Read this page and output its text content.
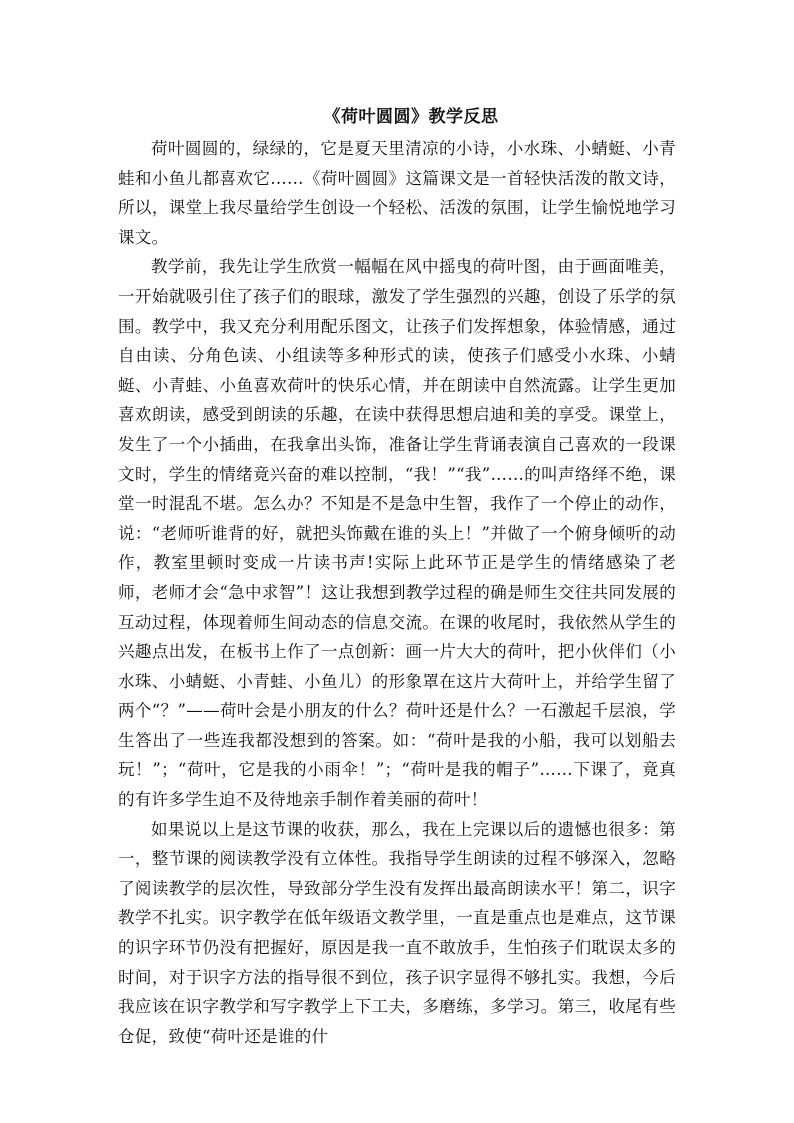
《荷叶圆圆》教学反思

荷叶圆圆的，绿绿的，它是夏天里清凉的小诗，小水珠、小蜻蜓、小青蛙和小鱼儿都喜欢它……《荷叶圆圆》这篇课文是一首轻快活泼的散文诗，所以，课堂上我尽量给学生创设一个轻松、活泼的氛围，让学生愉悦地学习课文。

教学前，我先让学生欣赏一幅幅在风中摇曳的荷叶图，由于画面唯美，一开始就吸引住了孩子们的眼球，激发了学生强烈的兴趣，创设了乐学的氛围。教学中，我又充分利用配乐图文，让孩子们发挥想象，体验情感，通过自由读、分角色读、小组读等多种形式的读，使孩子们感受小水珠、小蜻蜓、小青蛙、小鱼喜欢荷叶的快乐心情，并在朗读中自然流露。让学生更加喜欢朗读，感受到朗读的乐趣，在读中获得思想启迪和美的享受。课堂上，发生了一个小插曲，在我拿出头饰，准备让学生背诵表演自己喜欢的一段课文时，学生的情绪竟兴奋的难以控制，“我！”“我”……的叫声络绎不绝，课堂一时混乱不堪。怎么办？不知是不是急中生智，我作了一个停止的动作，说：“老师听谁背的好，就把头饰戴在谁的头上！”并做了一个俯身倾听的动作，教室里顿时变成一片读书声!实际上此环节正是学生的情绪感染了老师，老师才会“急中求智”！这让我想到教学过程的确是师生交往共同发展的互动过程，体现着师生间动态的信息交流。在课的收尾时，我依然从学生的兴趣点出发，在板书上作了一点创新：画一片大大的荷叶，把小伙伴们（小水珠、小蜻蜓、小青蛙、小鱼儿）的形象罩在这片大荷叶上，并给学生留了两个“？”——荷叶会是小朋友的什么？荷叶还是什么？一石激起千层浪，学生答出了一些连我都没想到的答案。如：“荷叶是我的小船，我可以划船去玩！”；“荷叶，它是我的小雨伞！”；“荷叶是我的帽子”……下课了，竟真的有许多学生迫不及待地亲手制作着美丽的荷叶！

如果说以上是这节课的收获，那么，我在上完课以后的遗憾也很多：第一，整节课的阅读教学没有立体性。我指导学生朗读的过程不够深入，忽略了阅读教学的层次性，导致部分学生没有发挥出最高朗读水平！第二，识字教学不扎实。识字教学在低年级语文教学里，一直是重点也是难点，这节课的识字环节仍没有把握好，原因是我一直不敢放手，生怕孩子们耽误太多的时间，对于识字方法的指导很不到位，孩子识字显得不够扎实。我想，今后我应该在识字教学和写字教学上下工夫，多磨练，多学习。第三，收尾有些仓促，致使“荷叶还是谁的什
